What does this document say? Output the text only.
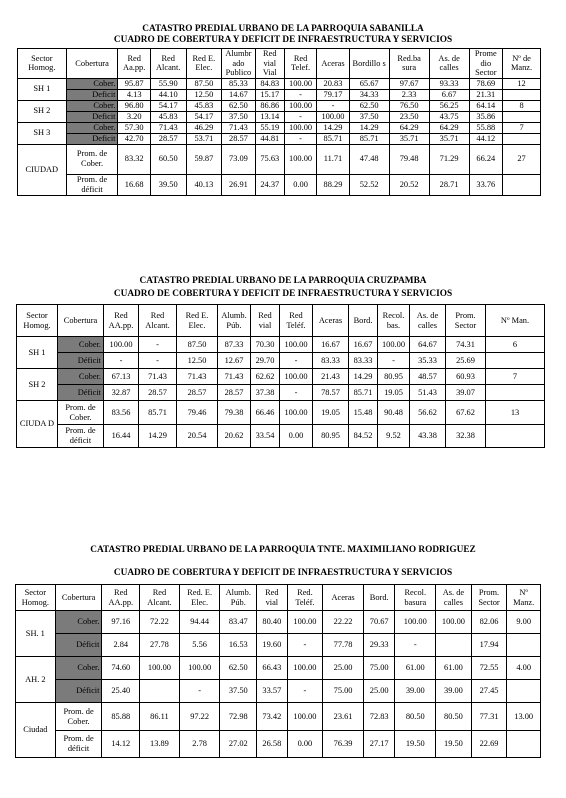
CATASTRO PREDIAL URBANO DE LA PARROQUIA SABANILLA
CUADRO DE COBERTURA Y DEFICIT DE INFRAESTRUCTURA Y SERVICIOS
Sector Homog.	Cobertura	Red Aa.pp.	Red Alcant.	Red E. Elec.	Alumbr ado Publico	Red vial Vial	Red Telef.	Aceras	Bordillo s	Red.ba sura	As. de calles	Prome dio Sector	Nº de Manz.
SH 1	Cober.	95.87	55.90	87.50	85.33	84.83	100.00	20.83	65.67	97.67	93.33	78.69	12
	Deficit	4.13	44.10	12.50	14.67	15.17	-	79.17	34.33	2.33	6.67	21.31	
SH 2	Cober.	96.80	54.17	45.83	62.50	86.86	100.00	-	62.50	76.50	56.25	64.14	8
	Deficit	3.20	45.83	54.17	37.50	13.14	-	100.00	37.50	23.50	43.75	35.86	
SH 3	Cober.	57.30	71.43	46.29	71.43	55.19	100.00	14.29	14.29	64.29	64.29	55.88	7
	Deficit	42.70	28.57	53.71	28.57	44.81	-	85.71	85.71	35.71	35.71	44.12	
CIUDAD	Prom. de Cober.	83.32	60.50	59.87	73.09	75.63	100.00	11.71	47.48	79.48	71.29	66.24	27
	Prom. de déficit	16.68	39.50	40.13	26.91	24.37	0.00	88.29	52.52	20.52	28.71	33.76	
CATASTRO PREDIAL URBANO DE LA PARROQUIA CRUZPAMBA
CUADRO DE COBERTURA Y DEFICIT DE INFRAESTRUCTURA Y SERVICIOS
Sector Homog.	Cobertura	Red AA.pp.	Red Alcant.	Red E. Elec.	Alumb. Púb.	Red vial	Red Teléf.	Aceras	Bord.	Recol. bas.	As. de calles	Prom. Sector	Nº Man.
SH 1	Cober.	100.00	-	87.50	87.33	70.30	100.00	16.67	16.67	100.00	64.67	74.31	6
	Déficit	-	-	12.50	12.67	29.70	-	83.33	83.33	-	35.33	25.69	
SH 2	Cober.	67.13	71.43	71.43	71.43	62.62	100.00	21.43	14.29	80.95	48.57	60.93	7
	Déficit	32.87	28.57	28.57	28.57	37.38	-	78.57	85.71	19.05	51.43	39.07	
CIUDA D	Prom. de Cober.	83.56	85.71	79.46	79.38	66.46	100.00	19.05	15.48	90.48	56.62	67.62	13
	Prom. de déficit	16.44	14.29	20.54	20.62	33.54	0.00	80.95	84.52	9.52	43.38	32.38	
CATASTRO PREDIAL URBANO DE LA PARROQUIA TNTE. MAXIMILIANO RODRIGUEZ
CUADRO DE COBERTURA Y DEFICIT DE INFRAESTRUCTURA Y SERVICIOS
Sector Homog.	Cobertura	Red AA.pp.	Red Alcant.	Red. E. Elec.	Alumb. Púb.	Red vial	Red. Teléf.	Aceras	Bord.	Recol. basura	As. de calles	Prom. Sector	Nº Manz.
SH. 1	Cober.	97.16	72.22	94.44	83.47	80.40	100.00	22.22	70.67	100.00	100.00	82.06	9.00
	Déficit	2.84	27.78	5.56	16.53	19.60	-	77.78	29.33	-		17.94	
AH. 2	Cober.	74.60	100.00	100.00	62.50	66.43	100.00	25.00	75.00	61.00	61.00	72.55	4.00
	Déficit	25.40		-	37.50	33.57	-	75.00	25.00	39.00	39.00	27.45	
Ciudad	Prom. de Cober.	85.88	86.11	97.22	72.98	73.42	100.00	23.61	72.83	80.50	80.50	77.31	13.00
	Prom. de déficit	14.12	13.89	2.78	27.02	26.58	0.00	76.39	27.17	19.50	19.50	22.69	
